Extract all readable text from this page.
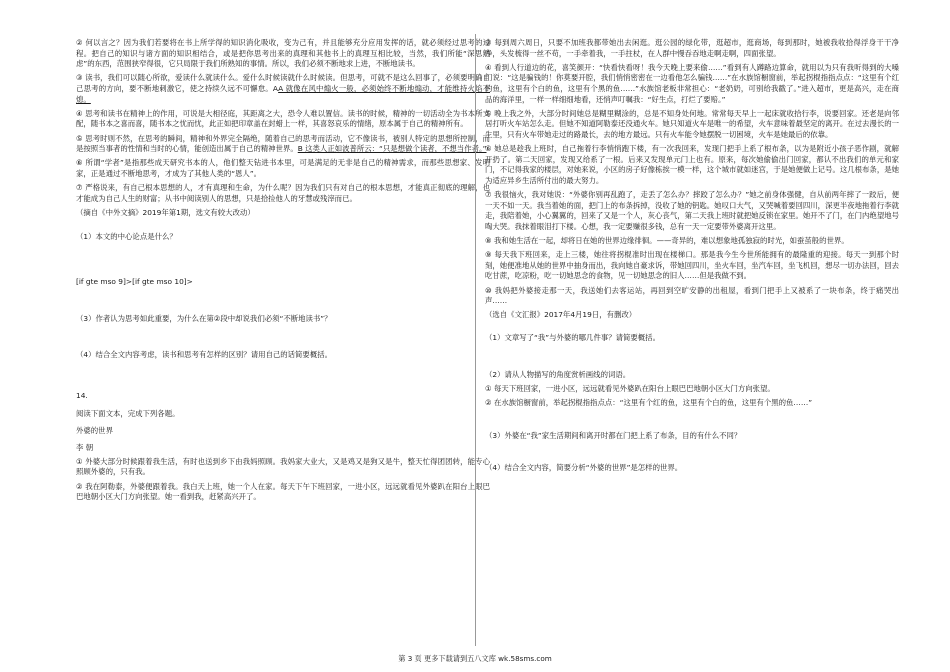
② 何以言之？因为我们若要将在书上所学得的知识消化吸收，变为己有，并且能够充分应用发挥的话，就必须经过思考的过程。把自己的知识与诸方面的知识相结合，或是把你思考出来的真理和其他书上的真理互相比较，当然，我们所能“深思熟虑”的东西，范围狭窄得很，它只局限于我们所熟知的事情。所以，我们必须不断地求上进，不断地读书。

③ 读书，我们可以随心所欲，爱读什么就读什么。爱什么时候读就什么时候读。但思考，可就不是这么回事了，必须要明确自己思考的方向，要不断地刺激它，使之持续久远不可懈怠。AA 就像在风中煽火一般，必须始终不断地煽动，才能维持火焰不熄。

④ 思考和读书在精神上的作用，可说是大相径庭，其距离之大，恐令人难以置信。读书的时候，精神的一切活动全为书本所支配，随书本之喜而喜，随书本之忧而忧，此正如把印章盖在封蜡上一样，其喜怒哀乐的情绪，原本属于自己的精神所有。

⑤ 思考时则不然，在思考的瞬间，精神和外界完全隔绝，随着自己的思考而活动，它不像读书，被别人特定的思想所控制，而是按照当事者的性情和当时的心情，能创造出属于自己的精神世界。B 这类人正如波普所云：“只是想做个读者，不想当作者。”

⑥ 所谓“学者”是指那些成天研究书本的人，他们整天钻进书本里，可是满足的无非是自己的精神需求，而那些思想家、发明家，正是通过不断地思考，才成为了其他人类的“恩人”。

⑦ 严格说来，有自己根本思想的人，才有真理和生命，为什么呢？因为我们只有对自己的根本思想，才能真正彻底的理解，也才能成为自己人生的财富；从书中阅读别人的思想，只是拾捡他人的牙慧或残滓而已。

（摘自《中外文摘》2019年第1期，选文有较大改动）

（1）本文的中心论点是什么？

[if gte mso 9]>[if gte mso 10]>

（3）作者认为思考如此重要，为什么在第②段中却说我们必须“不断地读书”？

（4）结合全文内容考虑，读书和思考有怎样的区别？请用自己的话简要概括。

14.

阅读下面文本，完成下列各题。

外婆的世界

李 朝

① 外婆大部分时候跟着我生活，有时也送到乡下由我妈照顾。我妈家大业大，又是鸡又是狗又是牛，整天忙得团团转，能专心照顾外婆的，只有我。

② 我在阿勒泰，外婆便跟着我。我白天上班，她一个人在家。每天下午下班回家，一进小区，远远就看见外婆趴在阳台上眼巴巴地朝小区大门方向张望。她一看到我，赶紧高兴开了。

③ 每到周六周日，只要不加班我都带她出去闲逛。逛公园的绿化带，逛超市，逛商场，每到那时，她被我收拾得浮身干干净净，头发梳得一丝不苟，一手牵着我，一手拄杖，在人群中慢吞吞地走啊走啊，四面张望。

④ 看到人行道边的花，喜笑颜开：“快看快看呀！我今天晚上要来偷……”看到有人蹲路边算命，就用以为只有我听得到的大嗓门说：“这是骗钱的！你莫要开腔，我们悄悄密密在一边看他怎么骗钱……”在水族馆橱窗前，举起拐棍指指点点：“这里有个红的鱼，这里有个白的鱼，这里有个黑的鱼……”水族馆老板非常担心：“老奶奶，可别给我戳了。”进入超市，更是高兴，走在商品的海洋里，一样一样细细地看，还悄声叮嘱我：“好生点，打烂了要赔。”

⑤ 晚上我之外，大部分时间她总是糊里糊涂的，总是不知身处何地。常常每天早上一起床就收拾行李，说要回家。还老是向邻居打听火车站怎么走。但她不知道阿勒泰还没通火车。她只知道火车是唯一的希望，火车意味着最坚定的离开。在过去漫长的一生里，只有火车带她走过的路最长，去的地方最远。只有火车能令她摆脱一切困境，火车是她最后的依靠。

⑥ 她总是趁我上班时，自己拖着行李悄悄跑下楼，有一次我回来，发现门把手上系了根布条，以为是附近小孩子恶作剧，就解开扔了。第二天回家，发现又给系了一根。后来又发现单元门上也有。原来，每次她偷偷出门回家，都认不出我们的单元和家门，不记得我家的楼层，对她来说，小区的房子好像栋挨一模一样，这个城市就如迷宫，于是她便做上记号。这几根布条，是她为适应异乡生活所付出的最大努力。

⑦ 我很恼火，我对她说：“外婆你别再乱跑了，走丢了怎么办？摔跤了怎么办？”她之前身体强健，自从前两年摔了一跤后，便一天不如一天。我当着她的面，把门上的布条拆掉，没收了她的钥匙。她叹口大气，又哭喊着要回四川，深更半夜地拖着行李就走，我陪着她，小心翼翼的，回来了又是一个人，灰心丧气，第二天我上班时就把她反锁在家里。她开不了门，在门内绝望地号啕大哭。我抹着眼泪打下楼。心想，我一定要赚很多钱，总有一天一定要带外婆离开这里。

⑧ 我和她生活在一起，却将日在她的世界边缘徘徊。——奇异的，难以想象地孤独寂的时光，如蚕茧般的世界。

⑨ 每天我下班回来，走上三楼，她往将拐棍准时出现在楼梯口。那是我今生今世所能拥有的最隆重的迎接。每天一到那个时刻，她便准地从她的世界中抽身而出，我向她自豪求诉，带她回四川，坐火车回，坐汽车回，坐飞机回，想尽一切办法回，回去吃甘蔗，吃凉粉，吃一切她思念的食物，见一切她思念的旧人……但是我做不到。

⑩ 我妈把外婆接走那一天，我送她们去客运站，再回到空旷安静的出租屋，看到门把手上又被系了一块布条，终于痛哭出声……

（选自《文汇报》2017年4月19日，有删改）

（1）文章写了“我”与外婆的哪几件事？请简要概括。

（2）请从人物描写的角度赏析画线的词语。

① 每天下班回家，一进小区，远远就看见外婆趴在阳台上眼巴巴地朝小区大门方向张望。

② 在水族馆橱窗前，举起拐棍指指点点：“这里有个红的鱼，这里有个白的鱼，这里有个黑的鱼……”

（3）外婆在“我”家生活期间和离开时都在门把上系了布条，目的有什么不同？

（4）结合全文内容，简要分析“外婆的世界”是怎样的世界。

第 3 页 更多下载请到五八文库 wk.58sms.com
